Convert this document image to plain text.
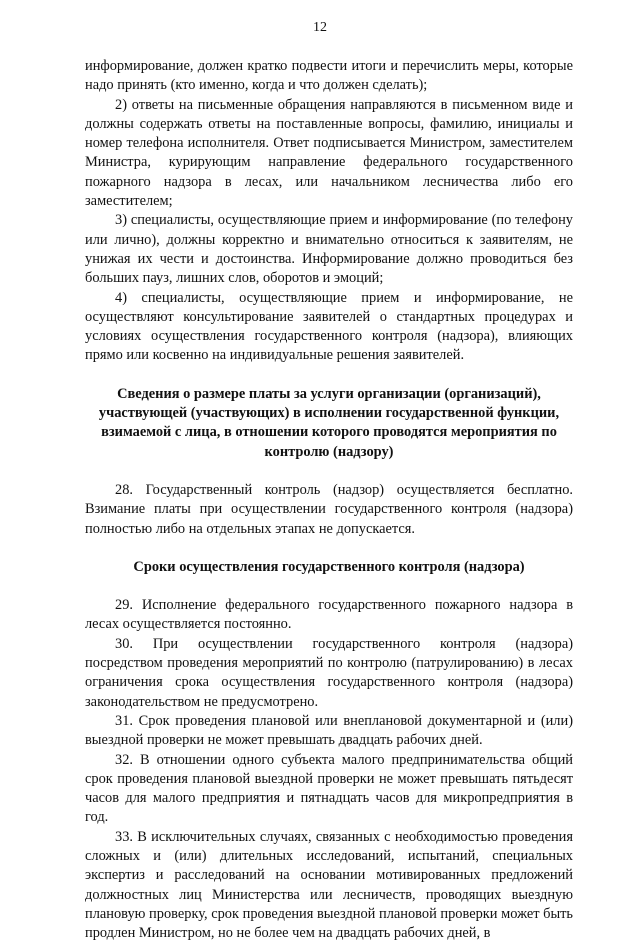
12

информирование, должен кратко подвести итоги и перечислить меры, которые надо принять (кто именно, когда и что должен сделать);

2) ответы на письменные обращения направляются в письменном виде и должны содержать ответы на поставленные вопросы, фамилию, инициалы и номер телефона исполнителя. Ответ подписывается Министром, заместителем Министра, курирующим направление федерального государственного пожарного надзора в лесах, или начальником лесничества либо его заместителем;

3) специалисты, осуществляющие прием и информирование (по телефону или лично), должны корректно и внимательно относиться к заявителям, не унижая их чести и достоинства. Информирование должно проводиться без больших пауз, лишних слов, оборотов и эмоций;

4) специалисты, осуществляющие прием и информирование, не осуществляют консультирование заявителей о стандартных процедурах и условиях осуществления государственного контроля (надзора), влияющих прямо или косвенно на индивидуальные решения заявителей.

Сведения о размере платы за услуги организации (организаций), участвующей (участвующих) в исполнении государственной функции, взимаемой с лица, в отношении которого проводятся мероприятия по контролю (надзору)

28. Государственный контроль (надзор) осуществляется бесплатно. Взимание платы при осуществлении государственного контроля (надзора) полностью либо на отдельных этапах не допускается.

Сроки осуществления государственного контроля (надзора)

29. Исполнение федерального государственного пожарного надзора в лесах осуществляется постоянно.

30. При осуществлении государственного контроля (надзора) посредством проведения мероприятий по контролю (патрулированию) в лесах ограничения срока осуществления государственного контроля (надзора) законодательством не предусмотрено.

31. Срок проведения плановой или внеплановой документарной и (или) выездной проверки не может превышать двадцать рабочих дней.

32. В отношении одного субъекта малого предпринимательства общий срок проведения плановой выездной проверки не может превышать пятьдесят часов для малого предприятия и пятнадцать часов для микропредприятия в год.

33. В исключительных случаях, связанных с необходимостью проведения сложных и (или) длительных исследований, испытаний, специальных экспертиз и расследований на основании мотивированных предложений должностных лиц Министерства или лесничеств, проводящих выездную плановую проверку, срок проведения выездной плановой проверки может быть продлен Министром, но не более чем на двадцать рабочих дней, в
